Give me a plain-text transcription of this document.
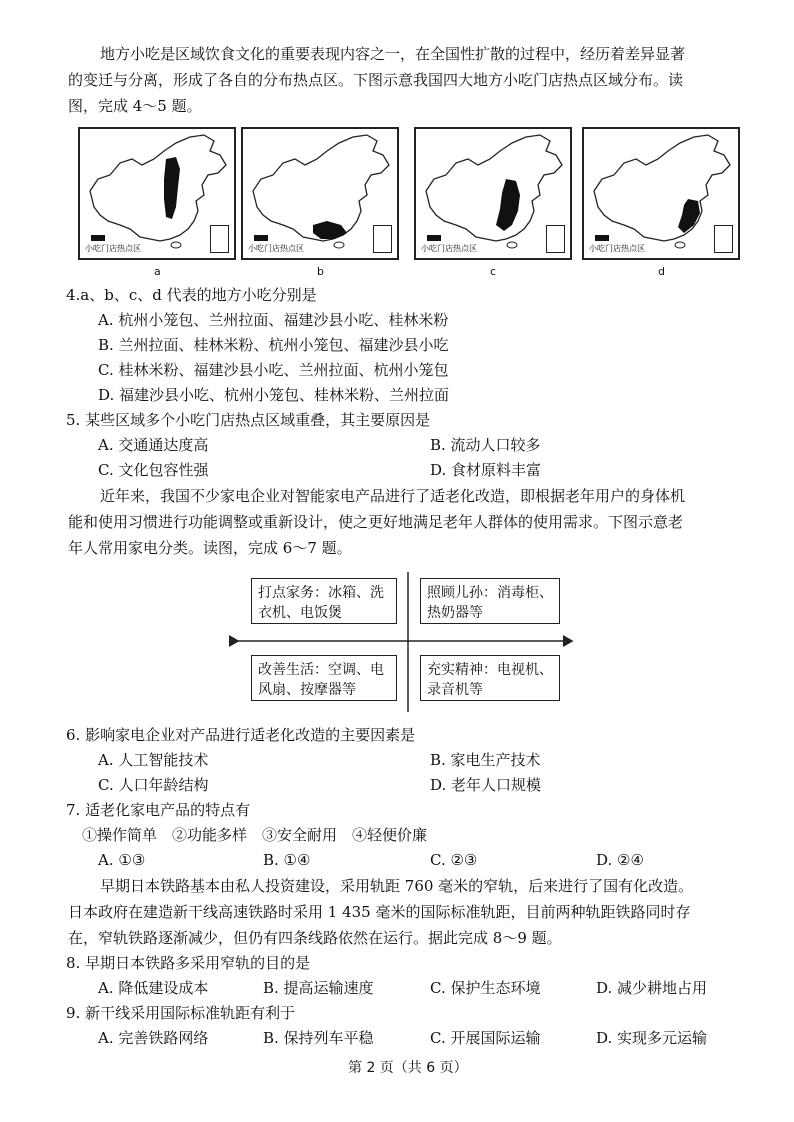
地方小吃是区域饮食文化的重要表现内容之一，在全国性扩散的过程中，经历着差异显著
的变迁与分离，形成了各自的分布热点区。下图示意我国四大地方小吃门店热点区域分布。读
图，完成 4～5 题。
小吃门店热点区
a
小吃门店热点区
b
小吃门店热点区
c
小吃门店热点区
d
4.a、b、c、d 代表的地方小吃分别是
A. 杭州小笼包、兰州拉面、福建沙县小吃、桂林米粉
B. 兰州拉面、桂林米粉、杭州小笼包、福建沙县小吃
C. 桂林米粉、福建沙县小吃、兰州拉面、杭州小笼包
D. 福建沙县小吃、杭州小笼包、桂林米粉、兰州拉面
5. 某些区域多个小吃门店热点区域重叠，其主要原因是
A. 交通通达度高	B. 流动人口较多
C. 文化包容性强	D. 食材原料丰富
近年来，我国不少家电企业对智能家电产品进行了适老化改造，即根据老年用户的身体机
能和使用习惯进行功能调整或重新设计，使之更好地满足老年人群体的使用需求。下图示意老
年人常用家电分类。读图，完成 6～7 题。
打点家务：冰箱、洗衣机、电饭煲
照顾儿孙：消毒柜、热奶器等
改善生活：空调、电风扇、按摩器等
充实精神：电视机、录音机等
6. 影响家电企业对产品进行适老化改造的主要因素是
A. 人工智能技术	B. 家电生产技术
C. 人口年龄结构	D. 老年人口规模
7. 适老化家电产品的特点有
①操作简单　②功能多样　③安全耐用　④轻便价廉
A. ①③	B. ①④	C. ②③	D. ②④
早期日本铁路基本由私人投资建设，采用轨距 760 毫米的窄轨，后来进行了国有化改造。
日本政府在建造新干线高速铁路时采用 1 435 毫米的国际标准轨距，目前两种轨距铁路同时存
在，窄轨铁路逐渐减少，但仍有四条线路依然在运行。据此完成 8～9 题。
8. 早期日本铁路多采用窄轨的目的是
A. 降低建设成本	B. 提高运输速度	C. 保护生态环境	D. 减少耕地占用
9. 新干线采用国际标准轨距有利于
A. 完善铁路网络	B. 保持列车平稳	C. 开展国际运输	D. 实现多元运输
第 2 页（共 6 页）
